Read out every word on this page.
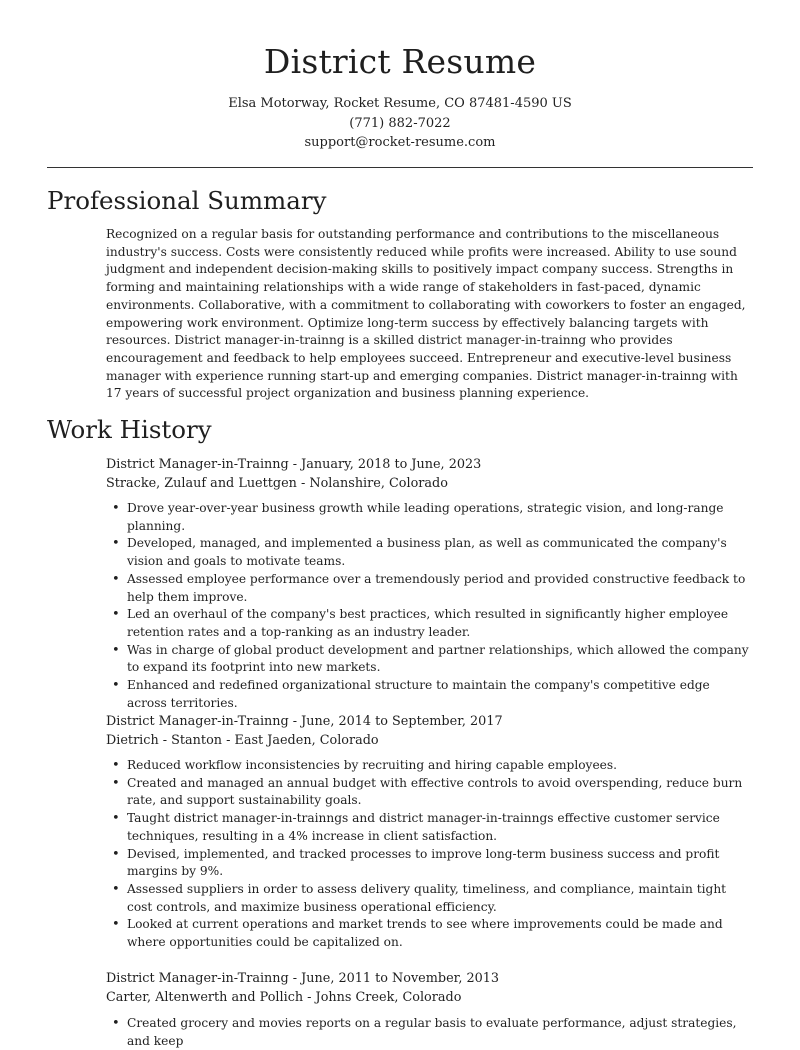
District Resume
Elsa Motorway, Rocket Resume, CO 87481-4590 US
(771) 882-7022
support@rocket-resume.com
Professional Summary

Recognized on a regular basis for outstanding performance and contributions to the miscellaneous industry's success. Costs were consistently reduced while profits were increased. Ability to use sound judgment and independent decision-making skills to positively impact company success. Strengths in forming and maintaining relationships with a wide range of stakeholders in fast-paced, dynamic environments. Collaborative, with a commitment to collaborating with coworkers to foster an engaged, empowering work environment. Optimize long-term success by effectively balancing targets with resources. District manager-in-trainng is a skilled district manager-in-trainng who provides encouragement and feedback to help employees succeed. Entrepreneur and executive-level business manager with experience running start-up and emerging companies. District manager-in-trainng with 17 years of successful project organization and business planning experience.

Work History
District Manager-in-Trainng - January, 2018 to June, 2023
Stracke, Zulauf and Luettgen - Nolanshire, Colorado
• Drove year-over-year business growth while leading operations, strategic vision, and long-range planning.
• Developed, managed, and implemented a business plan, as well as communicated the company's vision and goals to motivate teams.
• Assessed employee performance over a tremendously period and provided constructive feedback to help them improve.
• Led an overhaul of the company's best practices, which resulted in significantly higher employee retention rates and a top-ranking as an industry leader.
• Was in charge of global product development and partner relationships, which allowed the company to expand its footprint into new markets.
• Enhanced and redefined organizational structure to maintain the company's competitive edge across territories.
District Manager-in-Trainng - June, 2014 to September, 2017
Dietrich - Stanton - East Jaeden, Colorado
• Reduced workflow inconsistencies by recruiting and hiring capable employees.
• Created and managed an annual budget with effective controls to avoid overspending, reduce burn rate, and support sustainability goals.
• Taught district manager-in-trainngs and district manager-in-trainngs effective customer service techniques, resulting in a 4% increase in client satisfaction.
• Devised, implemented, and tracked processes to improve long-term business success and profit margins by 9%.
• Assessed suppliers in order to assess delivery quality, timeliness, and compliance, maintain tight cost controls, and maximize business operational efficiency.
• Looked at current operations and market trends to see where improvements could be made and where opportunities could be capitalized on.
District Manager-in-Trainng - June, 2011 to November, 2013
Carter, Altenwerth and Pollich - Johns Creek, Colorado
• Created grocery and movies reports on a regular basis to evaluate performance, adjust strategies, and keep
